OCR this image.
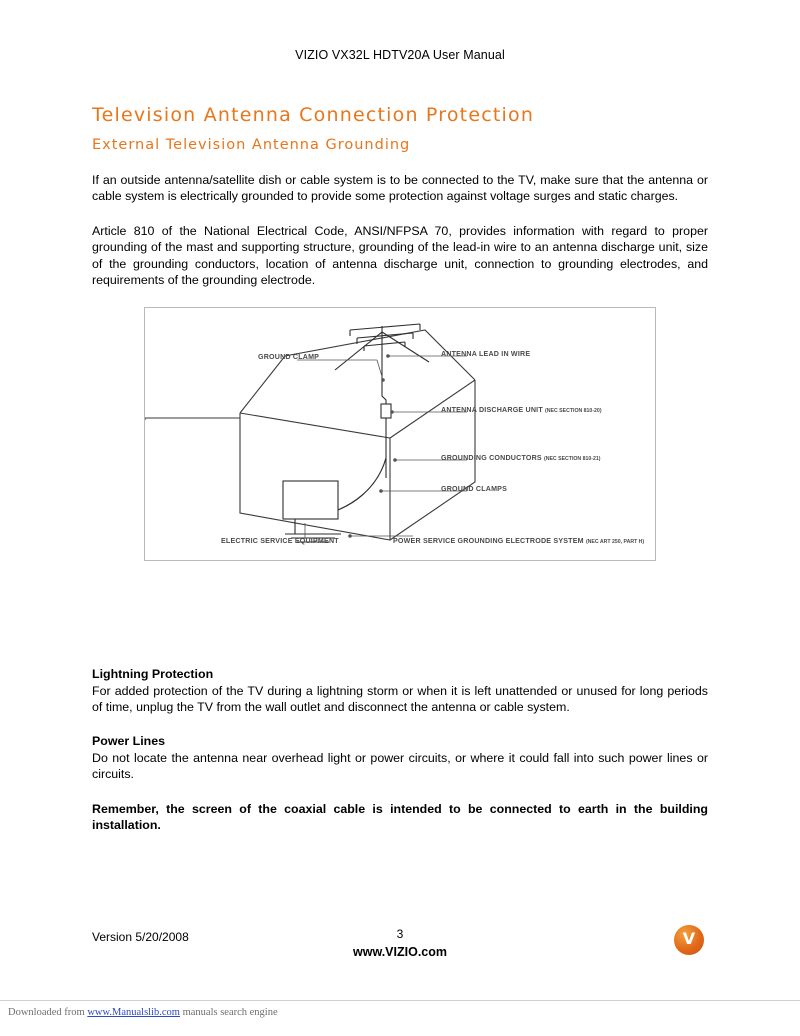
VIZIO VX32L HDTV20A User Manual
Television Antenna Connection Protection
External Television Antenna Grounding

If an outside antenna/satellite dish or cable system is to be connected to the TV, make sure that the antenna or cable system is electrically grounded to provide some protection against voltage surges and static charges.

Article 810 of the National Electrical Code, ANSI/NFPSA 70, provides information with regard to proper grounding of the mast and supporting structure, grounding of the lead-in wire to an antenna discharge unit, size of the grounding conductors, location of antenna discharge unit, connection to grounding electrodes, and requirements of the grounding electrode.

GROUND CLAMP	ANTENNA LEAD IN WIRE
ANTENNA DISCHARGE UNIT (NEC SECTION 810-20)
GROUNDING CONDUCTORS (NEC SECTION 810-21)
GROUND CLAMPS
ELECTRIC SERVICE EQUIPMENT	POWER SERVICE GROUNDING ELECTRODE SYSTEM (NEC ART 250, PART H)
Lightning Protection

For added protection of the TV during a lightning storm or when it is left unattended or unused for long periods of time, unplug the TV from the wall outlet and disconnect the antenna or cable system.

Power Lines

Do not locate the antenna near overhead light or power circuits, or where it could fall into such power lines or circuits.

Remember, the screen of the coaxial cable is intended to be connected to earth in the building installation.

Version 5/20/2008	3
www.VIZIO.com
V
Downloaded from www.Manualslib.com manuals search engine
